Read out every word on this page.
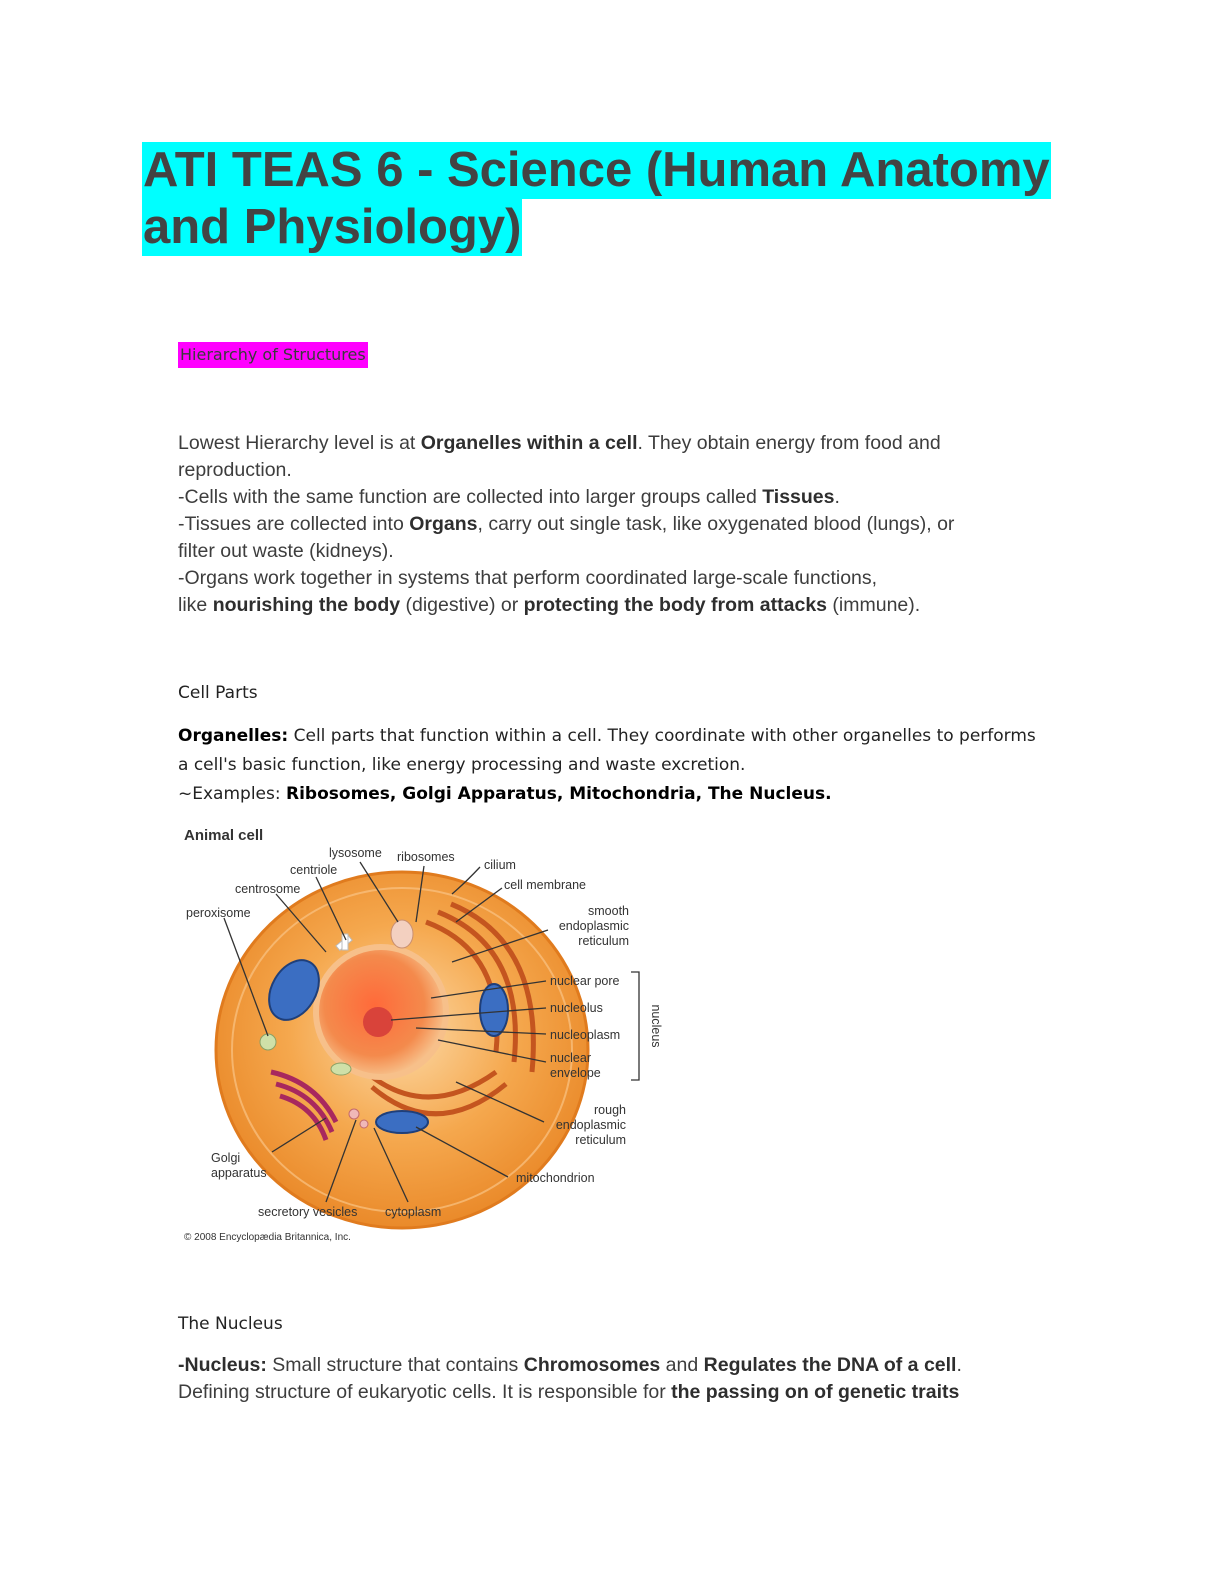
ATI TEAS 6 - Science (Human Anatomy
and Physiology)
Hierarchy of Structures
Lowest Hierarchy level is at Organelles within a cell. They obtain energy from food and
reproduction.
-Cells with the same function are collected into larger groups called Tissues.
-Tissues are collected into Organs, carry out single task, like oxygenated blood (lungs), or
filter out waste (kidneys).
-Organs work together in systems that perform coordinated large-scale functions,
like nourishing the body (digestive) or protecting the body from attacks (immune).
Cell Parts
Organelles: Cell parts that function within a cell. They coordinate with other organelles to performs
a cell's basic function, like energy processing and waste excretion.
~Examples: Ribosomes, Golgi Apparatus, Mitochondria, The Nucleus.
Animal cell
lysosome ribosomes
centriole	cilium
centrosome	cell membrane
peroxisome	smooth
endoplasmic
reticulum
nuclear pore
nucleolus
nucleoplasm
nuclear
envelope
nucleus
rough
endoplasmic
reticulum
Golgi
apparatus	mitochondrion
secretory vesicles cytoplasm
© 2008 Encyclopædia Britannica, Inc.
The Nucleus
-Nucleus: Small structure that contains Chromosomes and Regulates the DNA of a cell.
Defining structure of eukaryotic cells. It is responsible for the passing on of genetic traits
